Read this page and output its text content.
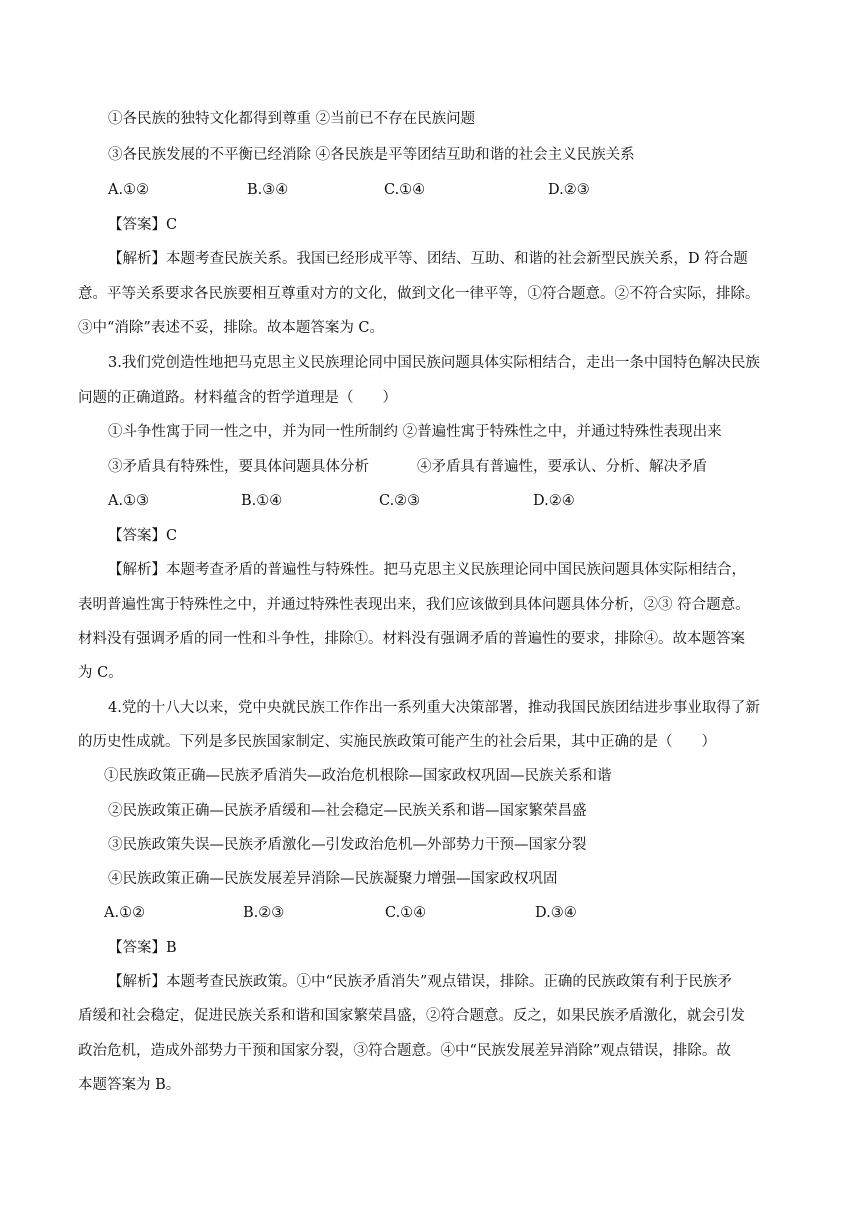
①各民族的独特文化都得到尊重 ②当前已不存在民族问题
③各民族发展的不平衡已经消除 ④各民族是平等团结互助和谐的社会主义民族关系
A.①②	B.③④	C.①④	D.②③
【答案】C
【解析】本题考查民族关系。我国已经形成平等、团结、互助、和谐的社会新型民族关系，D 符合题
意。平等关系要求各民族要相互尊重对方的文化，做到文化一律平等，①符合题意。②不符合实际，排除。
③中“消除”表述不妥，排除。故本题答案为 C。
3.我们党创造性地把马克思主义民族理论同中国民族问题具体实际相结合，走出一条中国特色解决民族
问题的正确道路。材料蕴含的哲学道理是（　　）
①斗争性寓于同一性之中，并为同一性所制约 ②普遍性寓于特殊性之中，并通过特殊性表现出来
③矛盾具有特殊性，要具体问题具体分析	④矛盾具有普遍性，要承认、分析、解决矛盾
A.①③	B.①④	C.②③	D.②④
【答案】C
【解析】本题考查矛盾的普遍性与特殊性。把马克思主义民族理论同中国民族问题具体实际相结合，
表明普遍性寓于特殊性之中，并通过特殊性表现出来，我们应该做到具体问题具体分析，②③ 符合题意。
材料没有强调矛盾的同一性和斗争性，排除①。材料没有强调矛盾的普遍性的要求，排除④。故本题答案
为 C。
4.党的十八大以来，党中央就民族工作作出一系列重大决策部署，推动我国民族团结进步事业取得了新
的历史性成就。下列是多民族国家制定、实施民族政策可能产生的社会后果，其中正确的是（　　）
①民族政策正确—民族矛盾消失—政治危机根除—国家政权巩固—民族关系和谐
②民族政策正确—民族矛盾缓和—社会稳定—民族关系和谐—国家繁荣昌盛
③民族政策失误—民族矛盾激化—引发政治危机—外部势力干预—国家分裂
④民族政策正确—民族发展差异消除—民族凝聚力增强—国家政权巩固
A.①②	B.②③	C.①④	D.③④
【答案】B
【解析】本题考查民族政策。①中“民族矛盾消失”观点错误，排除。正确的民族政策有利于民族矛
盾缓和社会稳定，促进民族关系和谐和国家繁荣昌盛，②符合题意。反之，如果民族矛盾激化，就会引发
政治危机，造成外部势力干预和国家分裂，③符合题意。④中“民族发展差异消除”观点错误，排除。故
本题答案为 B。
